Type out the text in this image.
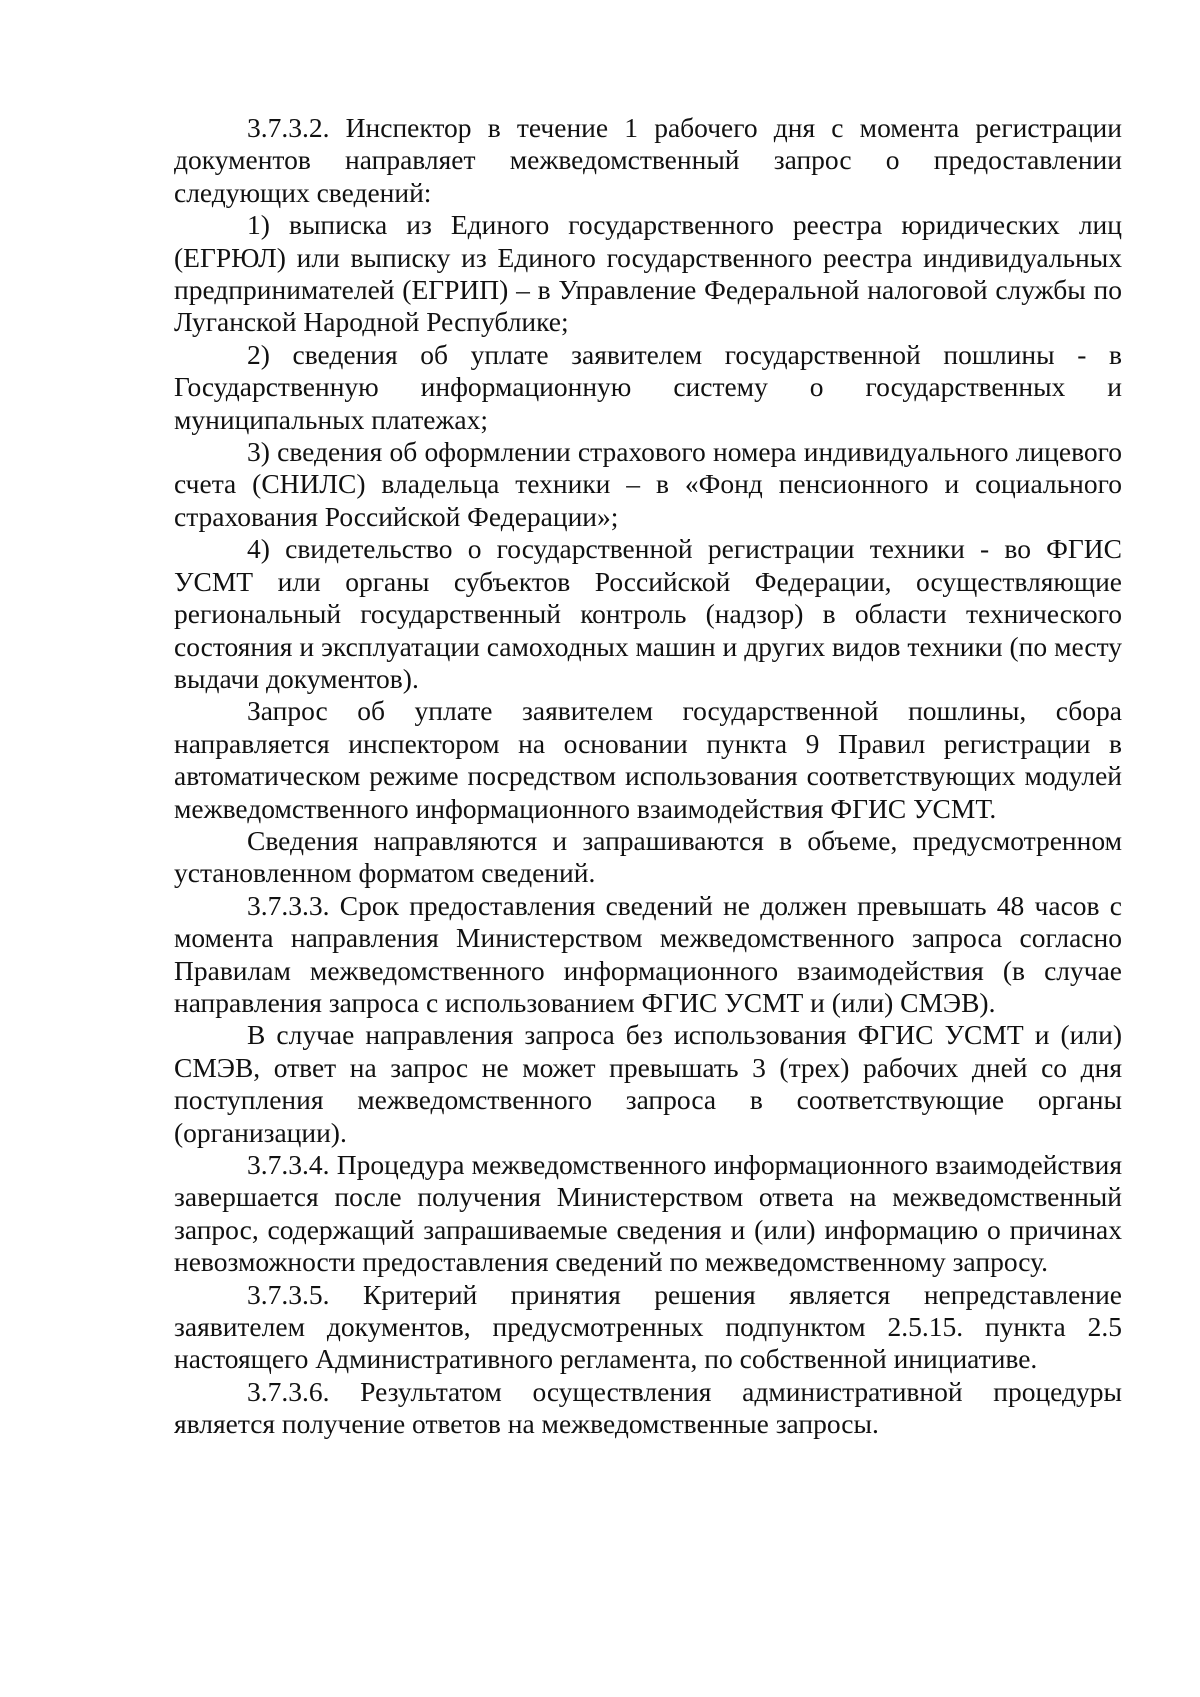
3.7.3.2. Инспектор в течение 1 рабочего дня с момента регистрации документов направляет межведомственный запрос о предоставлении следующих сведений:

1) выписка из Единого государственного реестра юридических лиц (ЕГРЮЛ) или выписку из Единого государственного реестра индивидуальных предпринимателей (ЕГРИП) – в Управление Федеральной налоговой службы по Луганской Народной Республике;

2) сведения об уплате заявителем государственной пошлины - в Государственную информационную систему о государственных и муниципальных платежах;

3) сведения об оформлении страхового номера индивидуального лицевого счета (СНИЛС) владельца техники – в «Фонд пенсионного и социального страхования Российской Федерации»;

4) свидетельство о государственной регистрации техники - во ФГИС УСМТ или органы субъектов Российской Федерации, осуществляющие региональный государственный контроль (надзор) в области технического состояния и эксплуатации самоходных машин и других видов техники (по месту выдачи документов).

Запрос об уплате заявителем государственной пошлины, сбора направляется инспектором на основании пункта 9 Правил регистрации в автоматическом режиме посредством использования соответствующих модулей межведомственного информационного взаимодействия ФГИС УСМТ.

Сведения направляются и запрашиваются в объеме, предусмотренном установленном форматом сведений.

3.7.3.3. Срок предоставления сведений не должен превышать 48 часов с момента направления Министерством межведомственного запроса согласно Правилам межведомственного информационного взаимодействия (в случае направления запроса с использованием ФГИС УСМТ и (или) СМЭВ).

В случае направления запроса без использования ФГИС УСМТ и (или) СМЭВ, ответ на запрос не может превышать 3 (трех) рабочих дней со дня поступления межведомственного запроса в соответствующие органы (организации).

3.7.3.4. Процедура межведомственного информационного взаимодействия завершается после получения Министерством ответа на межведомственный запрос, содержащий запрашиваемые сведения и (или) информацию о причинах невозможности предоставления сведений по межведомственному запросу.

3.7.3.5. Критерий принятия решения является непредставление заявителем документов, предусмотренных подпунктом 2.5.15. пункта 2.5 настоящего Административного регламента, по собственной инициативе.

3.7.3.6. Результатом осуществления административной процедуры является получение ответов на межведомственные запросы.
